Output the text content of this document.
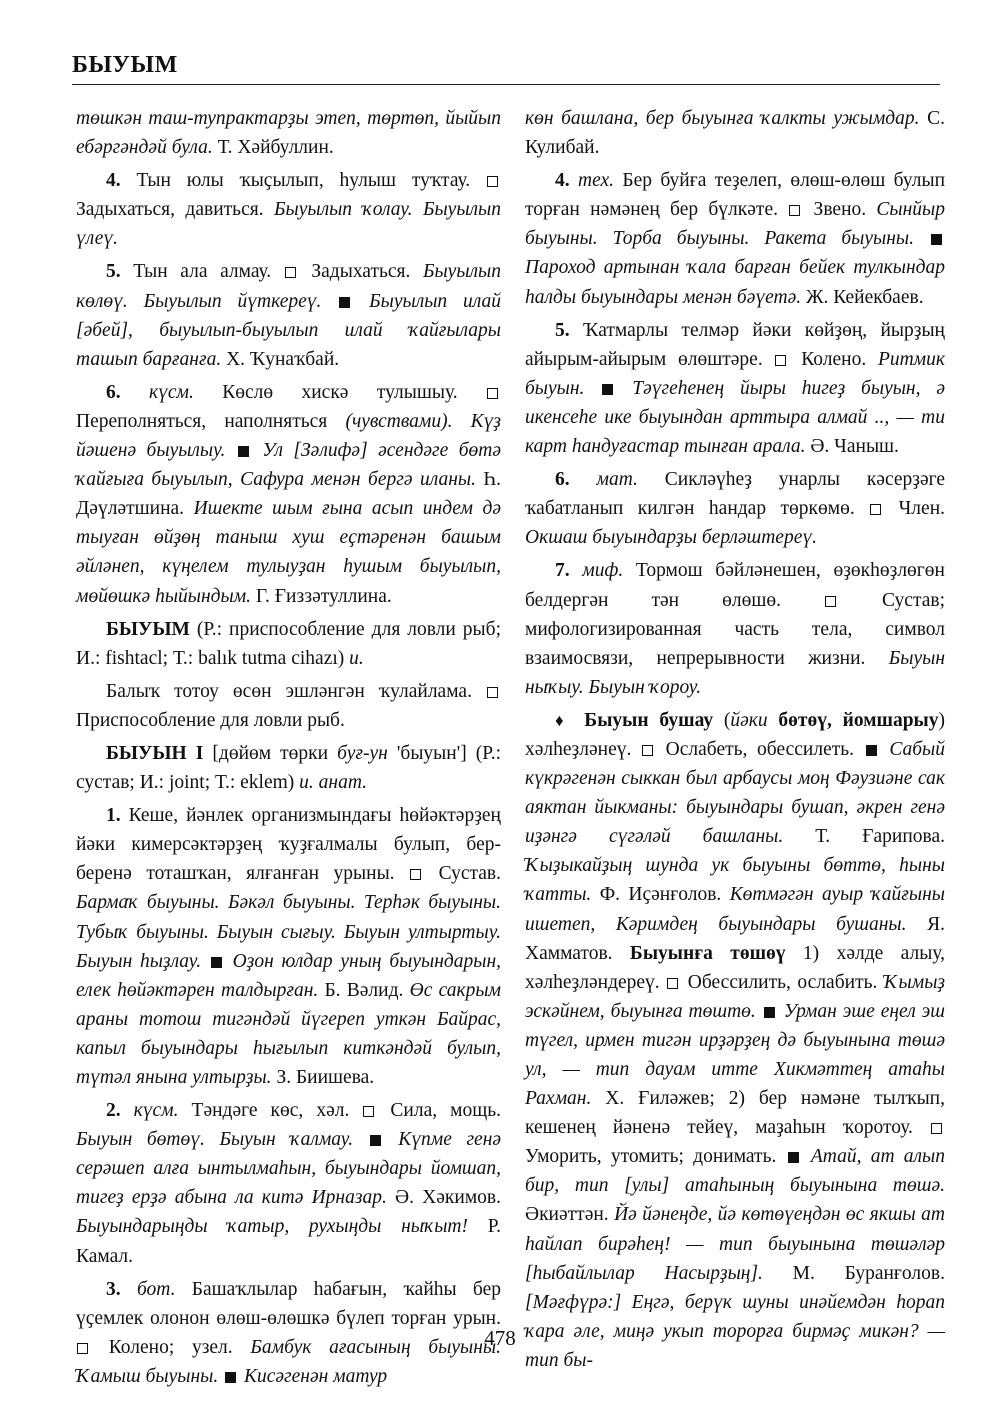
БЫУЫМ

төшкән таш-тупрактарҙы этеп, төртөп, йыйып ебәргәндәй була. Т. Хәйбуллин.

4. Тын юлы ҡыҫылып, һулыш туҡтау.  Задыхаться, давиться. Быуылып ҡолау. Быуылып үлеү.

5. Тын ала алмау.  Задыхаться. Быуылып көлөү. Быуылып йүткереү. Быуылып илай [әбей], быуылып-быуылып илай ҡайғылары ташып барғанға. Х. Ҡунаҡбай.

6. күсм. Көслө хискә тулышыу.  Переполняться, наполняться (чувствами). Күҙ йәшенә быуылыу. Ул [Зәлифә] әсендәге бөтә ҡайғыға быуылып, Сафура менән бергә иланы. Һ. Дәүләтшина. Ишекте шым ғына асып индем дә тыуған өйҙөң таныш хуш еҫтәренән башым әйләнеп, күңелем тулыуҙан һушым быуылып, мөйөшкә һыйындым. Г. Ғиззәтуллина.

БЫУЫМ (Р.: приспособление для ловли рыб; И.: fishtacl; Т.: balık tutma cihazı) и.

Балыҡ тотоу өсөн эшләнгән ҡулайлама.  Приспособление для ловли рыб.

БЫУЫН I [дөйөм төрки буғ-ун 'быуын'] (Р.: сустав; И.: joint; Т.: eklem) и. анат.

1. Кеше, йәнлек организмындағы һөйәктәрҙең йәки кимерсәктәрҙең ҡуҙғалмалы булып, бер-беренә тоташҡан, ялғанған урыны.  Сустав. Бармаҡ быуыны. Бәкәл быуыны. Терһәк быуыны. Тубыҡ быуыны. Быуын сығыу. Быуын ултыртыу. Быуын һыҙлау. Оҙон юлдар уның быуындарын, елек һөйәктәрен талдырған. Б. Вәлид. Өс сакрым араны тотош тигәндәй йүгереп уткән Байрас, капыл быуындары һығылып киткәндәй булып, түтәл янына ултырҙы. З. Биишева.

2. күсм. Тәндәге көс, хәл.  Сила, мощь. Быуын бөтөү. Быуын ҡалмау. Күпме генә серәшеп алға ынтылмаһын, быуындары йомшап, тигеҙ ерҙә абына ла китә Ирназар. Ә. Хәкимов. Быуындарыңды ҡатыр, рухыңды ныҡыт! Р. Камал.

3. бот. Башаҡлылар һабағын, ҡайһы бер үҫемлек олонон өлөш-өлөшкә бүлеп торған урын.  Колено; узел. Бамбук ағасының быуыны. Ҡамыш быуыны. Кисәгенән матур

көн башлана, бер быуынға ҡалкты ужымдар. С. Кулибай.

4. тех. Бер буйға теҙелеп, өлөш-өлөш булып торған нәмәнең бер бүлкәте.  Звено. Сынйыр быуыны. Торба быуыны. Ракета быуыны.  Пароход артынан ҡала барған бейек тулкындар һалды быуындары менән бәүетә. Ж. Кейекбаев.

5. Ҡатмарлы телмәр йәки көйҙөң, йырҙың айырым-айырым өлөштәре.  Колено. Ритмик быуын. Тәүгеһенең йыры һигеҙ быуын, ә икенсеһе ике быуындан арттыра алмай .., — ти карт һандуғастар тынған арала. Ә. Чаныш.

6. мат. Сикләүһеҙ унарлы кәсерҙәге ҡабатланып килгән һандар төркөмө.  Член. Окшаш быуындарҙы берләштереү.

7. миф. Тормош бәйләнешен, өҙөкһөҙлөгөн белдергән тән өлөшө.  Сустав; мифологизированная часть тела, символ взаимосвязи, непрерывности жизни. Быуын ныҡыу. Быуын ҡороу.

♦ Быуын бушау (йәки бөтөү, йомшарыу) хәлһеҙләнеү.  Ослабеть, обессилеть.  Сабый күкрәгенән сыккан был арбаусы моң Фәузиәне сак аяктан йыкманы: быуындары бушап, әкрен генә иҙәнгә сүгәләй башланы. Т. Ғарипова. Ҡыҙыкайҙың шунда ук быуыны бөттө, һыны ҡатты. Ф. Иҫәнғолов. Көтмәгән ауыр ҡайғыны ишетеп, Кәримдең быуындары бушаны. Я. Хамматов. Быуынға төшөү 1) хәлде алыу, хәлһеҙләндереү.  Обессилить, ослабить. Ҡымыҙ эскәйнем, быуынға төштө. Урман эше еңел эш түгел, ирмен тигән ирҙәрҙең дә быуынына төшә ул, — тип дауам итте Хикмәттең атаһы Рахман. Х. Ғиләжев; 2) бер нәмәне тылҡып, кешенең йәненә тейеү, маҙаһын ҡоротоу.  Уморить, утомить; донимать.  Атай, ат алып бир, тип [улы] атаһының быуынына төшә. Әкиәттән. Йә йәнеңде, йә көтөүеңдән өс якшы ат һайлап бирәһең! — тип быуынына төшәләр [һыбайлылар Насырҙың]. М. Буранғолов. [Мәғфүрә:] Еңгә, берүк шуны инәйемдән һорап ҡара әле, миңә укып торорға бирмәҫ микән? — тип бы-

478
